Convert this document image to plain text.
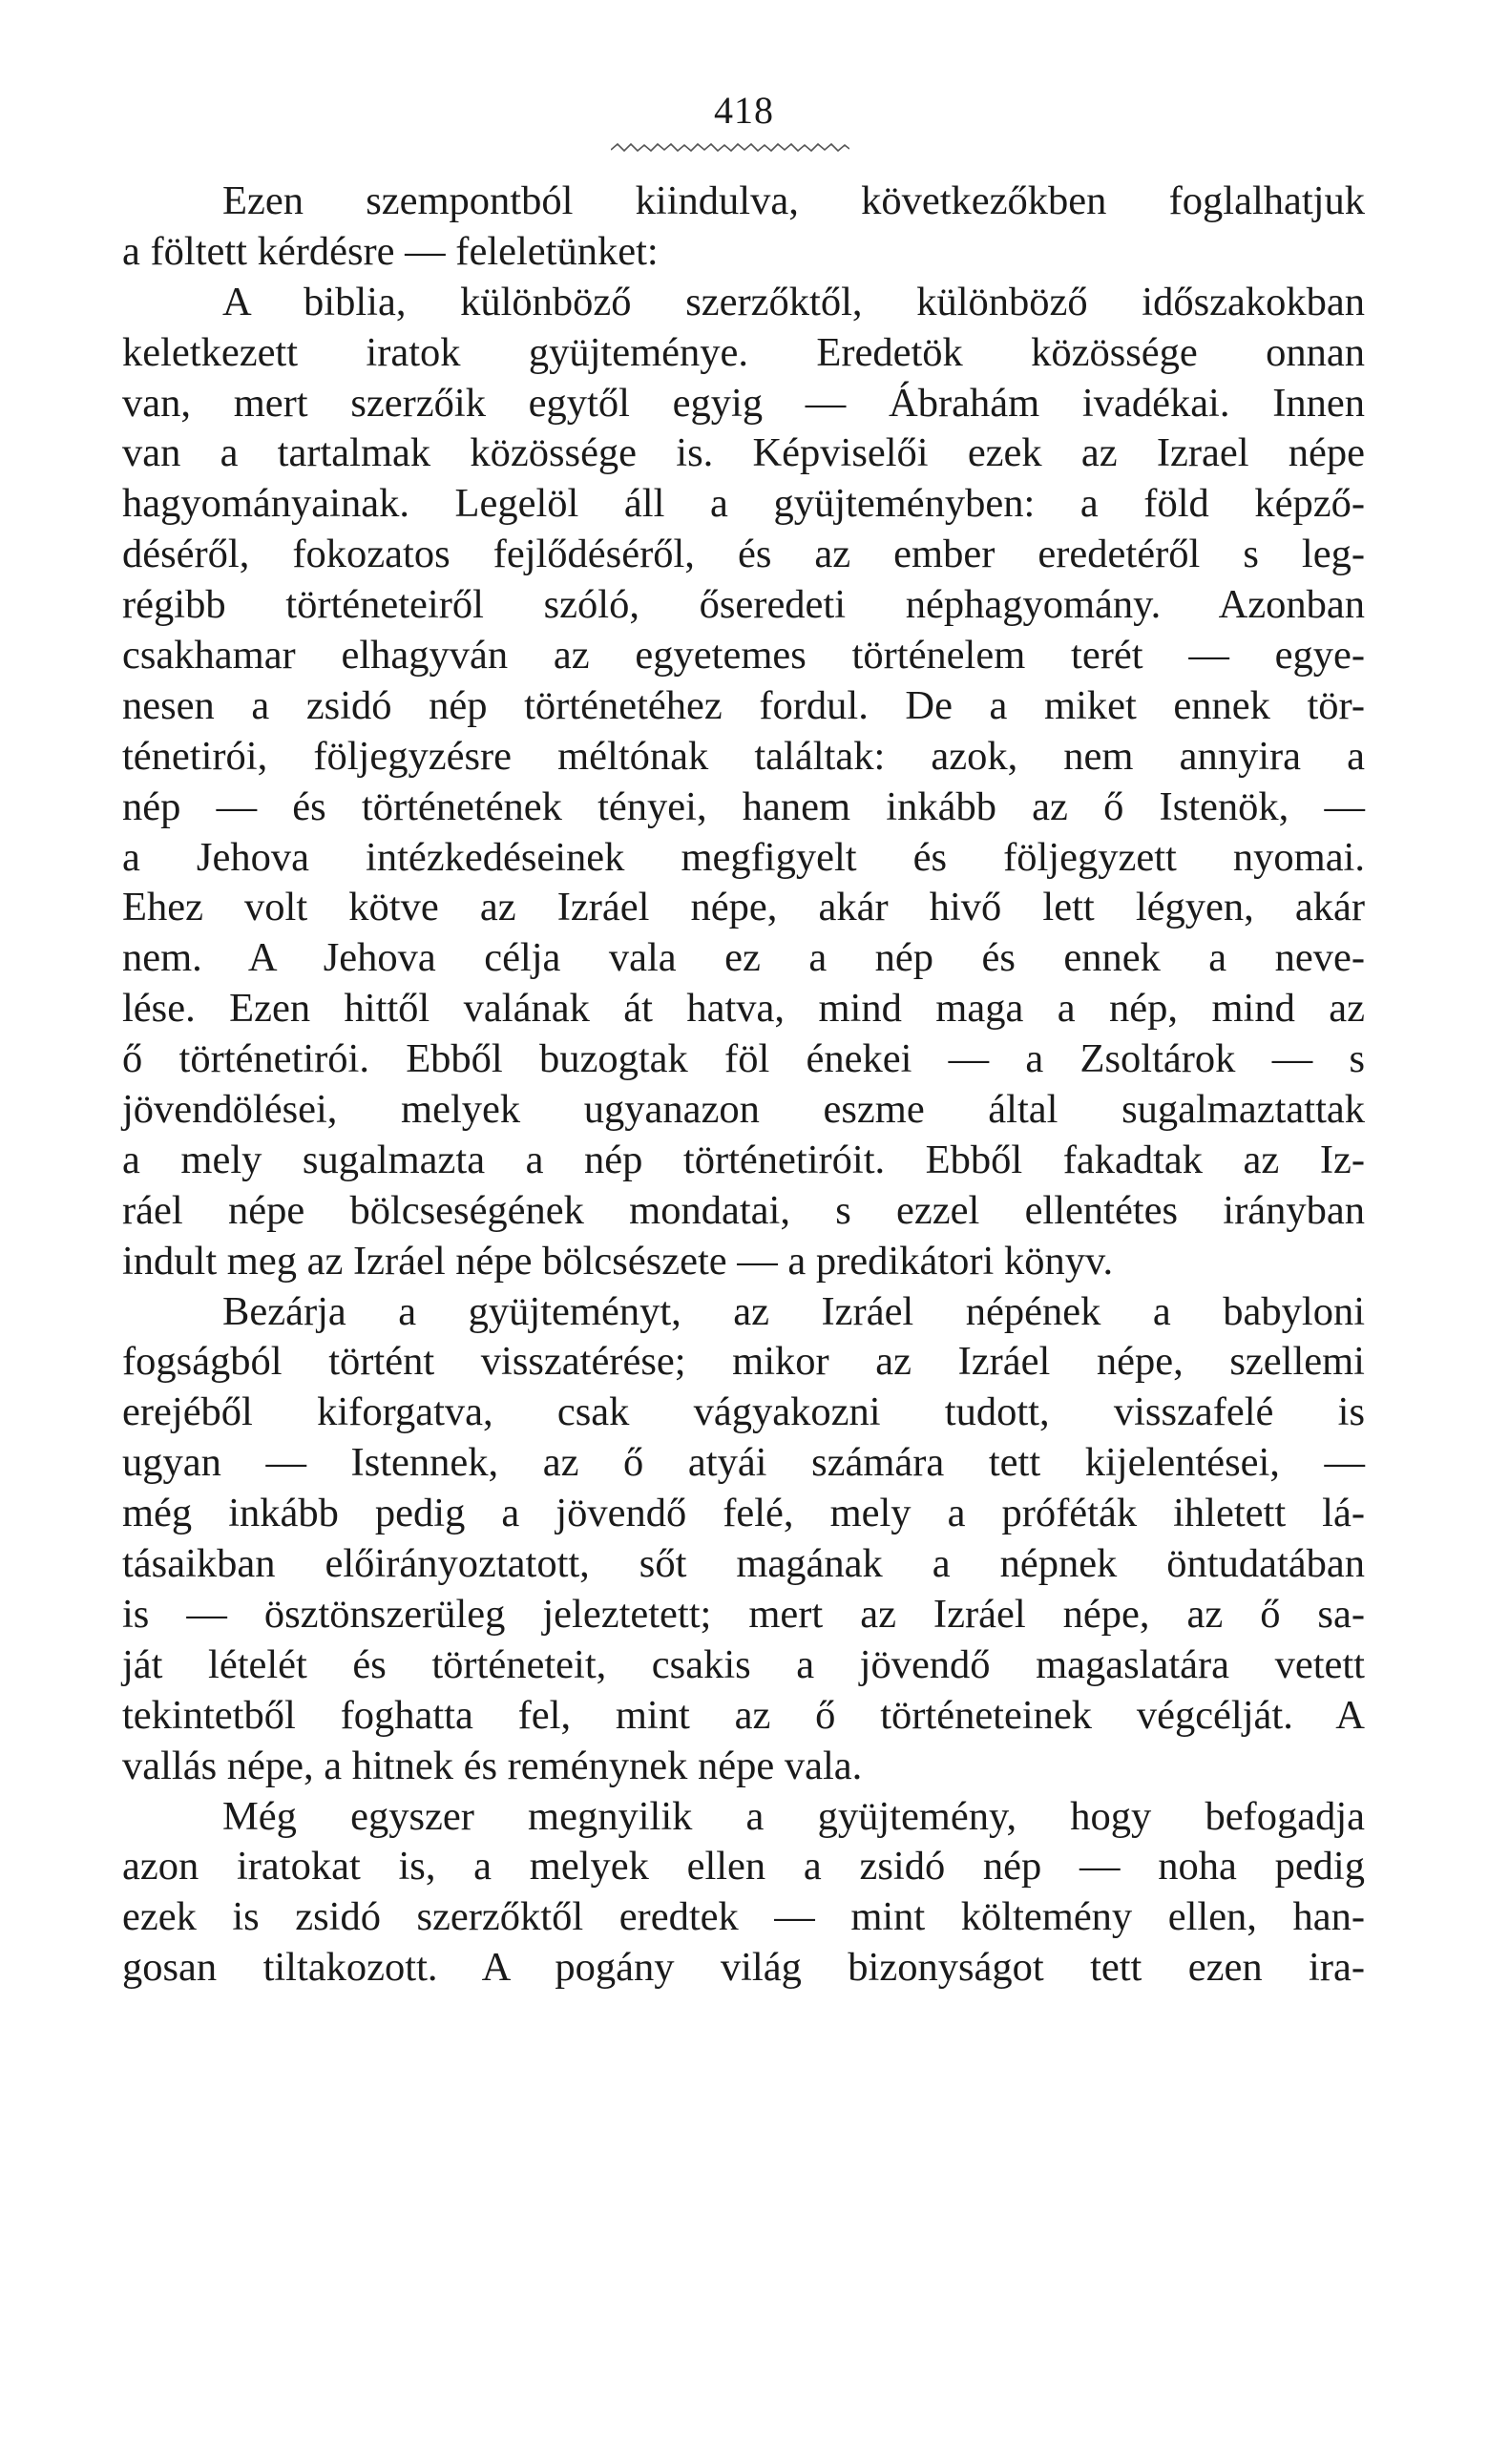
418
Ezen szempontból kiindulva, következőkben foglalhatjuk
a föltett kérdésre — feleletünket:
A biblia, különböző szerzőktől, különböző időszakokban
keletkezett iratok gyüjteménye. Eredetök közössége onnan
van, mert szerzőik egytől egyig — Ábrahám ivadékai. Innen
van a tartalmak közössége is. Képviselői ezek az Izrael népe
hagyományainak. Legelöl áll a gyüjteményben: a föld képző-
déséről, fokozatos fejlődéséről, és az ember eredetéről s leg-
régibb történeteiről szóló, őseredeti néphagyomány. Azonban
csakhamar elhagyván az egyetemes történelem terét — egye-
nesen a zsidó nép történetéhez fordul. De a miket ennek tör-
ténetirói, följegyzésre méltónak találtak: azok, nem annyira a
nép — és történetének tényei, hanem inkább az ő Istenök, —
a Jehova intézkedéseinek megfigyelt és följegyzett nyomai.
Ehez volt kötve az Izráel népe, akár hivő lett légyen, akár
nem. A Jehova célja vala ez a nép és ennek a neve-
lése. Ezen hittől valának át hatva, mind maga a nép, mind az
ő történetirói. Ebből buzogtak föl énekei — a Zsoltárok — s
jövendölései, melyek ugyanazon eszme által sugalmaztattak
a mely sugalmazta a nép történetiróit. Ebből fakadtak az Iz-
ráel népe bölcseségének mondatai, s ezzel ellentétes irányban
indult meg az Izráel népe bölcsészete — a predikátori könyv.
Bezárja a gyüjteményt, az Izráel népének a babyloni
fogságból történt visszatérése; mikor az Izráel népe, szellemi
erejéből kiforgatva, csak vágyakozni tudott, visszafelé is
ugyan — Istennek, az ő atyái számára tett kijelentései, —
még inkább pedig a jövendő felé, mely a próféták ihletett lá-
tásaikban előirányoztatott, sőt magának a népnek öntudatában
is — ösztönszerüleg jeleztetett; mert az Izráel népe, az ő sa-
ját lételét és történeteit, csakis a jövendő magaslatára vetett
tekintetből foghatta fel, mint az ő történeteinek végcélját. A
vallás népe, a hitnek és reménynek népe vala.
Még egyszer megnyilik a gyüjtemény, hogy befogadja
azon iratokat is, a melyek ellen a zsidó nép — noha pedig
ezek is zsidó szerzőktől eredtek — mint költemény ellen, han-
gosan tiltakozott. A pogány világ bizonyságot tett ezen ira-
